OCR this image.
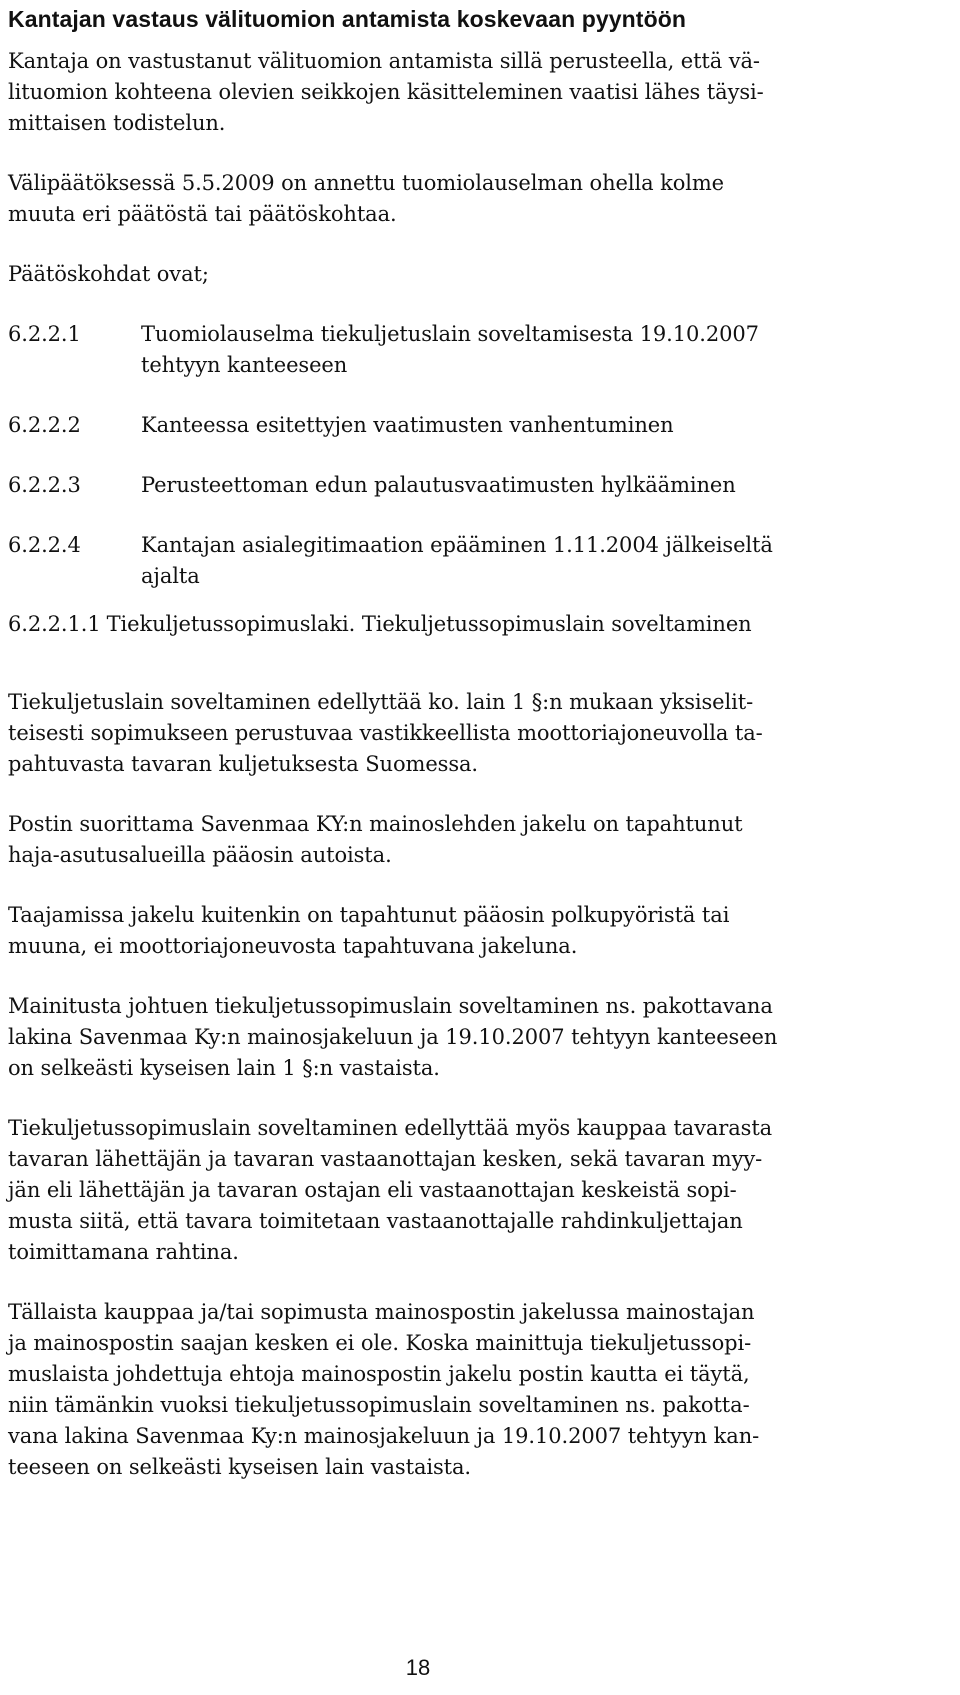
Kantajan vastaus välituomion antamista koskevaan pyyntöön
Kantaja on vastustanut välituomion antamista sillä perusteella, että vä-
lituomion kohteena olevien seikkojen käsitteleminen vaatisi lähes täysi-
mittaisen todistelun.
Välipäätöksessä 5.5.2009 on annettu tuomiolauselman ohella kolme
muuta eri päätöstä tai päätöskohtaa.
Päätöskohdat ovat;
6.2.2.1	Tuomiolauselma tiekuljetuslain soveltamisesta 19.10.2007
tehtyyn kanteeseen
6.2.2.2	Kanteessa esitettyjen vaatimusten vanhentuminen
6.2.2.3	Perusteettoman edun palautusvaatimusten hylkääminen
6.2.2.4	Kantajan asialegitimaation epääminen 1.11.2004 jälkeiseltä
ajalta
6.2.2.1.1 Tiekuljetussopimuslaki. Tiekuljetussopimuslain soveltaminen
Tiekuljetuslain soveltaminen edellyttää ko. lain 1 §:n mukaan yksiselit-
teisesti sopimukseen perustuvaa vastikkeellista moottoriajoneuvolla ta-
pahtuvasta tavaran kuljetuksesta Suomessa.
Postin suorittama Savenmaa KY:n mainoslehden jakelu on tapahtunut
haja-asutusalueilla pääosin autoista.
Taajamissa jakelu kuitenkin on tapahtunut pääosin polkupyöristä tai
muuna, ei moottoriajoneuvosta tapahtuvana jakeluna.
Mainitusta johtuen tiekuljetussopimuslain soveltaminen ns. pakottavana
lakina Savenmaa Ky:n mainosjakeluun ja 19.10.2007 tehtyyn kanteeseen
on selkeästi kyseisen lain 1 §:n vastaista.
Tiekuljetussopimuslain soveltaminen edellyttää myös kauppaa tavarasta
tavaran lähettäjän ja tavaran vastaanottajan kesken, sekä tavaran myy-
jän eli lähettäjän ja tavaran ostajan eli vastaanottajan keskeistä sopi-
musta siitä, että tavara toimitetaan vastaanottajalle rahdinkuljettajan
toimittamana rahtina.
Tällaista kauppaa ja/tai sopimusta mainospostin jakelussa mainostajan
ja mainospostin saajan kesken ei ole. Koska mainittuja tiekuljetussopi-
muslaista johdettuja ehtoja mainospostin jakelu postin kautta ei täytä,
niin tämänkin vuoksi tiekuljetussopimuslain soveltaminen ns. pakotta-
vana lakina Savenmaa Ky:n mainosjakeluun ja 19.10.2007 tehtyyn kan-
teeseen on selkeästi kyseisen lain vastaista.
18
